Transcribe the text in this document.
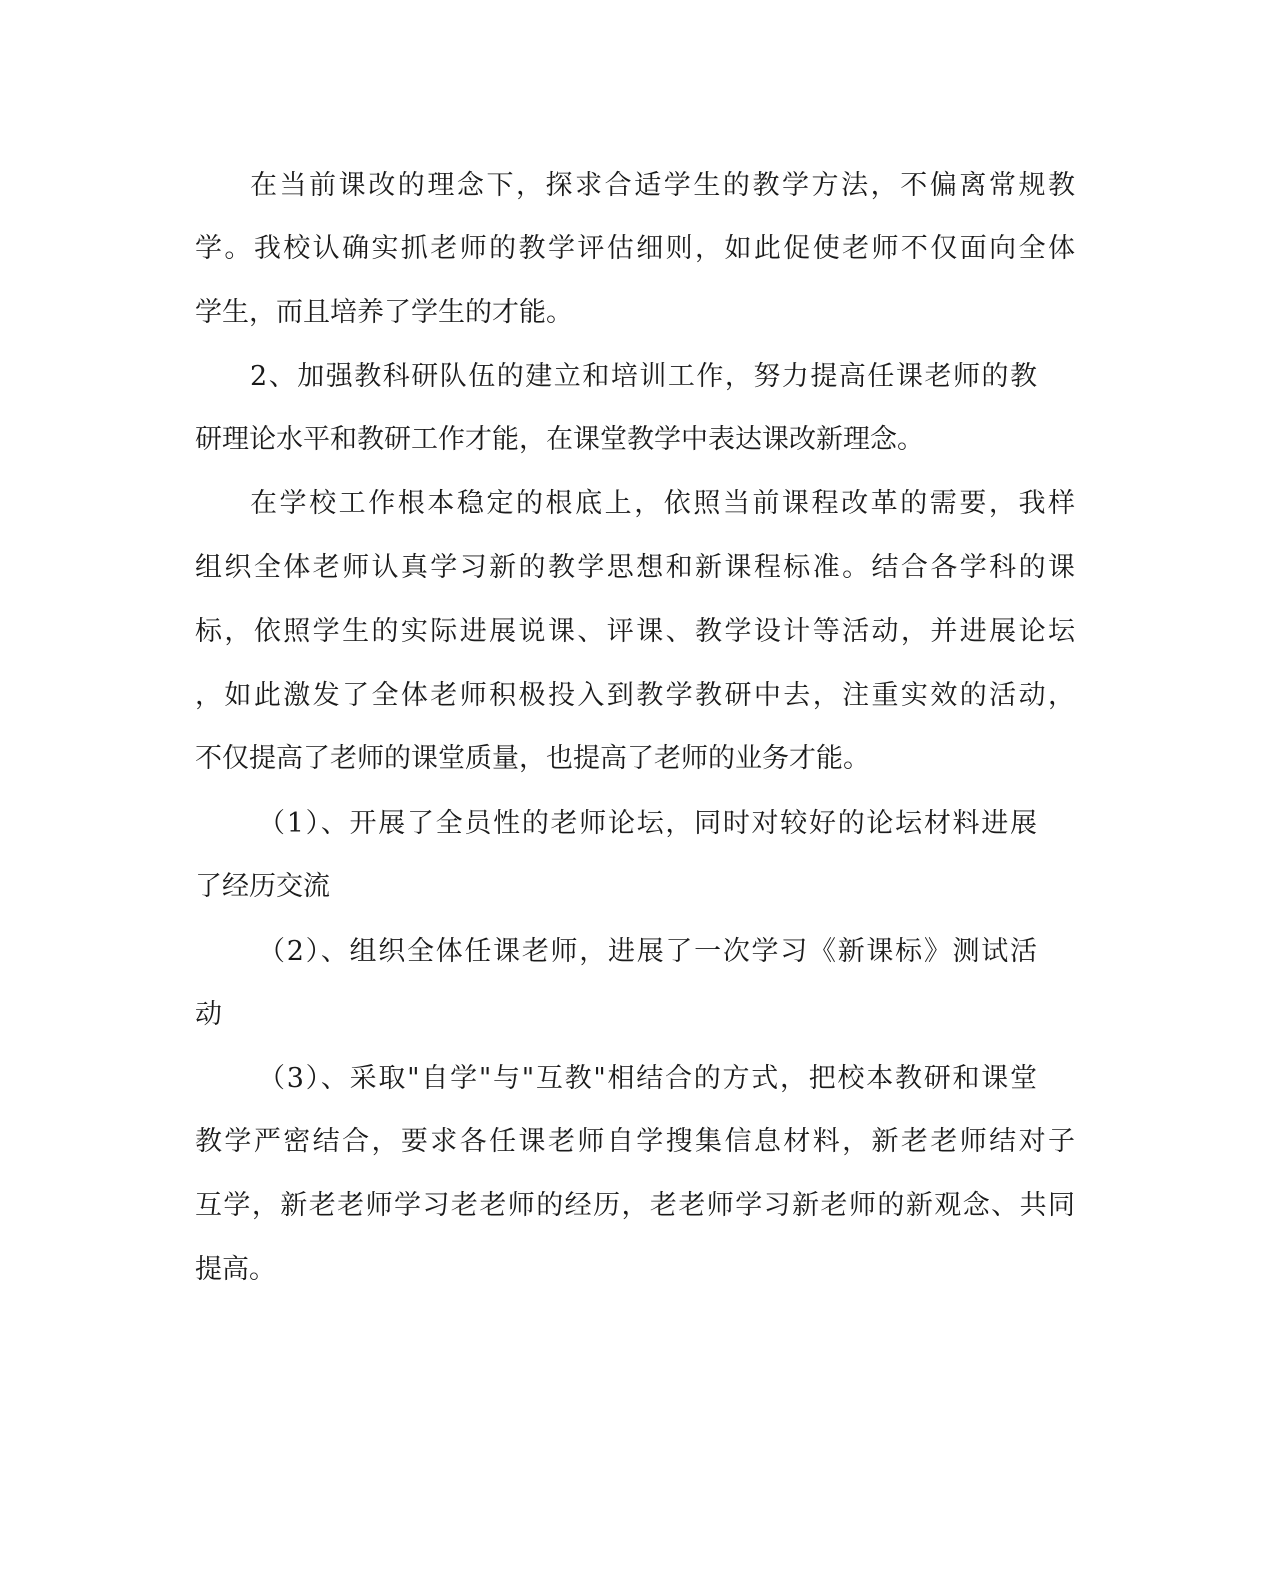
在当前课改的理念下，探求合适学生的教学方法，不偏离常规教
学。我校认确实抓老师的教学评估细则，如此促使老师不仅面向全体
学生，而且培养了学生的才能。
2、加强教科研队伍的建立和培训工作，努力提高任课老师的教
研理论水平和教研工作才能，在课堂教学中表达课改新理念。
在学校工作根本稳定的根底上，依照当前课程改革的需要，我样
组织全体老师认真学习新的教学思想和新课程标准。结合各学科的课
标，依照学生的实际进展说课、评课、教学设计等活动，并进展论坛
，如此激发了全体老师积极投入到教学教研中去，注重实效的活动，
不仅提高了老师的课堂质量，也提高了老师的业务才能。
（1）、开展了全员性的老师论坛，同时对较好的论坛材料进展
了经历交流
（2）、组织全体任课老师，进展了一次学习《新课标》测试活
动
（3）、采取"自学"与"互教"相结合的方式，把校本教研和课堂
教学严密结合，要求各任课老师自学搜集信息材料，新老老师结对子
互学，新老老师学习老老师的经历，老老师学习新老师的新观念、共同
提高。
